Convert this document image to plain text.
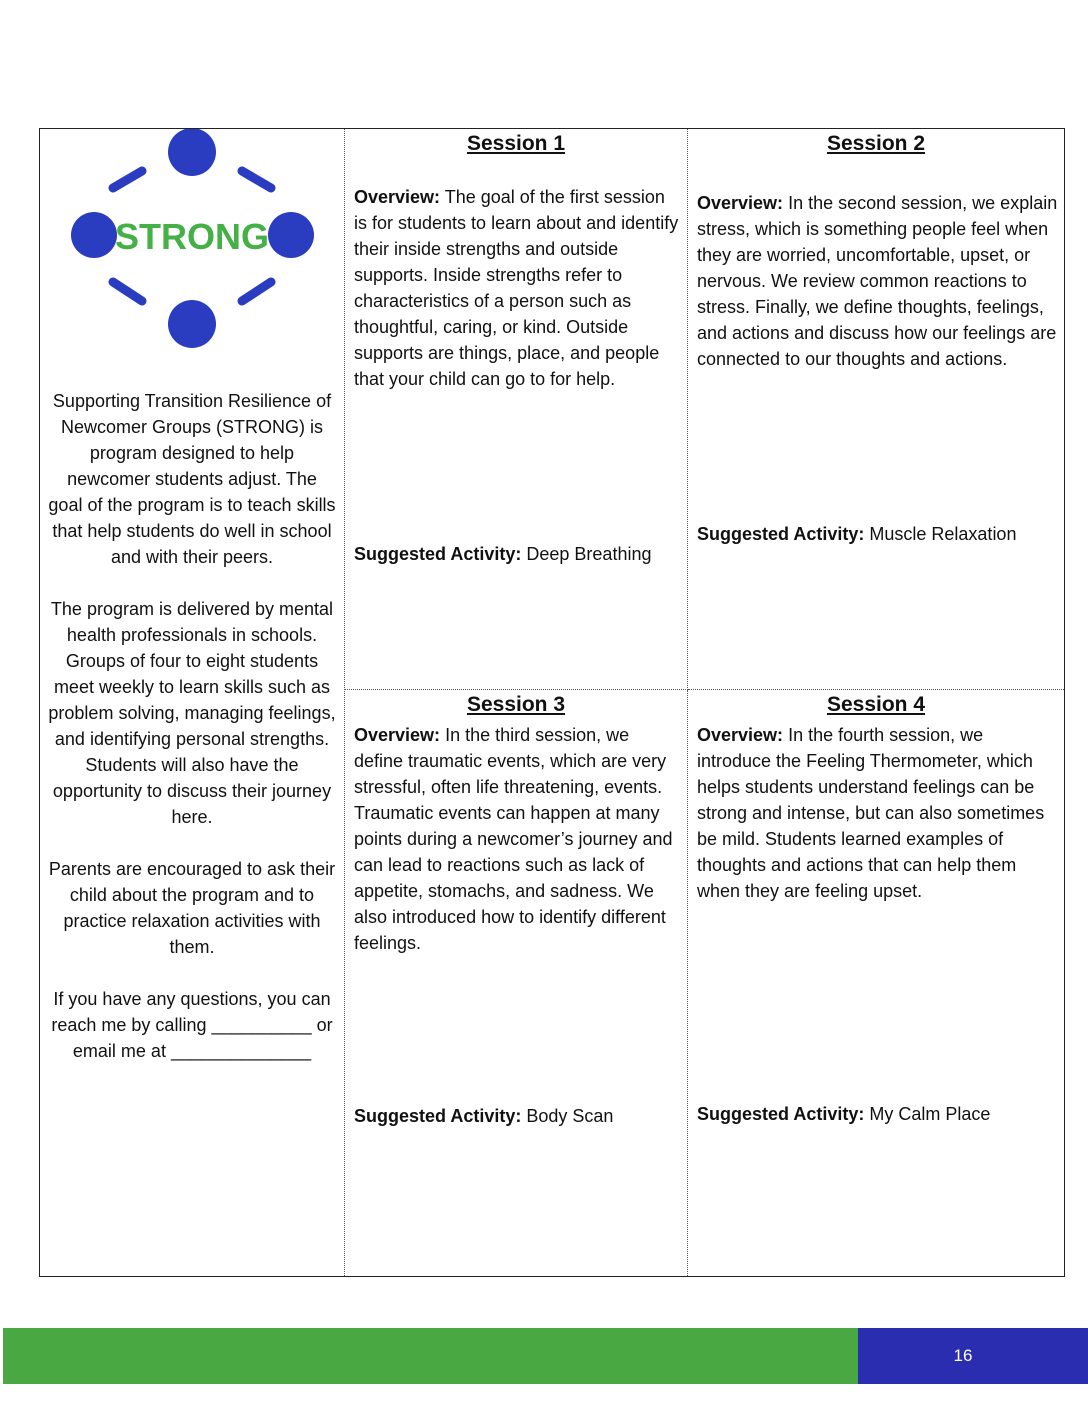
STRONG

Supporting Transition Resilience of Newcomer Groups (STRONG) is program designed to help newcomer students adjust. The goal of the program is to teach skills that help students do well in school and with their peers.

The program is delivered by mental health professionals in schools. Groups of four to eight students meet weekly to learn skills such as problem solving, managing feelings, and identifying personal strengths. Students will also have the opportunity to discuss their journey here.

Parents are encouraged to ask their child about the program and to practice relaxation activities with them.

If you have any questions, you can reach me by calling __________ or email me at ______________

Session 1

Overview: The goal of the first session is for students to learn about and identify their inside strengths and outside supports. Inside strengths refer to characteristics of a person such as thoughtful, caring, or kind. Outside supports are things, place, and people that your child can go to for help.

Suggested Activity: Deep Breathing

Session 2

Overview: In the second session, we explain stress, which is something people feel when they are worried, uncomfortable, upset, or nervous. We review common reactions to stress. Finally, we define thoughts, feelings, and actions and discuss how our feelings are connected to our thoughts and actions.

Suggested Activity: Muscle Relaxation

Session 3

Overview: In the third session, we define traumatic events, which are very stressful, often life threatening, events. Traumatic events can happen at many points during a newcomer’s journey and can lead to reactions such as lack of appetite, stomachs, and sadness. We also introduced how to identify different feelings.

Suggested Activity: Body Scan

Session 4

Overview: In the fourth session, we introduce the Feeling Thermometer, which helps students understand feelings can be strong and intense, but can also sometimes be mild. Students learned examples of thoughts and actions that can help them when they are feeling upset.

Suggested Activity: My Calm Place

16
